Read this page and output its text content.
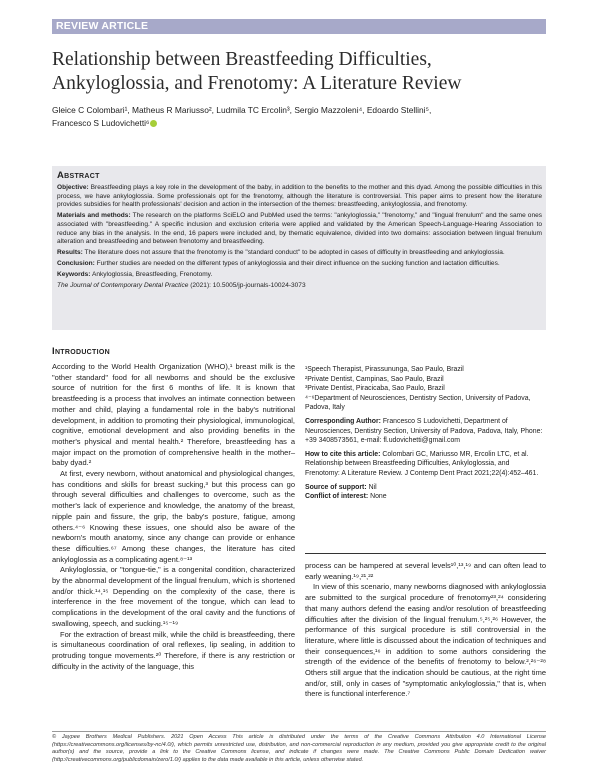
REVIEW ARTICLE
Relationship between Breastfeeding Difficulties, Ankyloglossia, and Frenotomy: A Literature Review
Gleice C Colombari¹, Matheus R Mariusso², Ludmila TC Ercolin³, Sergio Mazzoleni⁴, Edoardo Stellini⁵,
Francesco S Ludovichetti⁶
Abstract

Objective: Breastfeeding plays a key role in the development of the baby, in addition to the benefits to the mother and this dyad. Among the possible difficulties in this process, we have ankyloglossia. Some professionals opt for the frenotomy, although the literature is controversial. This paper aims to present how the literature provides subsidies for health professionals' decision and action in the intersection of the themes: breastfeeding, ankyloglossia, and frenotomy.

Materials and methods: The research on the platforms SciELO and PubMed used the terms: "ankyloglossia," "frenotomy," and "lingual frenulum" and the same ones associated with "breastfeeding." A specific inclusion and exclusion criteria were applied and validated by the American Speech-Language-Hearing Association to reduce any bias in the analysis. In the end, 16 papers were included and, by thematic equivalence, divided into two domains: association between lingual frenulum alteration and breastfeeding and between frenotomy and breastfeeding.

Results: The literature does not assure that the frenotomy is the "standard conduct" to be adopted in cases of difficulty in breastfeeding and ankyloglossia.

Conclusion: Further studies are needed on the different types of ankyloglossia and their direct influence on the sucking function and lactation difficulties.

Keywords: Ankyloglossia, Breastfeeding, Frenotomy.

The Journal of Contemporary Dental Practice (2021): 10.5005/jp-journals-10024-3073

Introduction

According to the World Health Organization (WHO),¹ breast milk is the "other standard" food for all newborns and should be the exclusive source of nutrition for the first 6 months of life. It is known that breastfeeding is a process that involves an intimate connection between mother and child, playing a fundamental role in the baby's nutritional development, in addition to promoting their physiological, immunological, cognitive, emotional development and also providing benefits in the mother's physical and mental health.² Therefore, breastfeeding has a major impact on the promotion of comprehensive health in the mother–baby dyad.²

At first, every newborn, without anatomical and physiological changes, has conditions and skills for breast sucking,³ but this process can go through several difficulties and challenges to overcome, such as the mother's lack of experience and knowledge, the anatomy of the breast, nipple pain and fissure, the grip, the baby's posture, fatigue, among others.⁴⁻⁶ Knowing these issues, one should also be aware of the newborn's mouth anatomy, since any change can provide or enhance these difficulties.⁶⁷ Among these changes, the literature has cited ankyloglossia as a complicating agent.⁸⁻¹³

Ankyloglossia, or "tongue-tie," is a congenital condition, characterized by the abnormal development of the lingual frenulum, which is shortened and/or thick.¹⁴,¹⁵ Depending on the complexity of the case, there is interference in the free movement of the tongue, which can lead to complications in the development of the oral cavity and the functions of swallowing, speech, and sucking.¹⁵⁻¹⁹

For the extraction of breast milk, while the child is breastfeeding, there is simultaneous coordination of oral reflexes, lip sealing, in addition to protruding tongue movements.²⁰ Therefore, if there is any restriction or difficulty in the activity of the language, this

¹Speech Therapist, Pirassununga, Sao Paulo, Brazil

²Private Dentist, Campinas, Sao Paulo, Brazil

³Private Dentist, Piracicaba, Sao Paulo, Brazil

⁴⁻⁶Department of Neurosciences, Dentistry Section, University of Padova, Padova, Italy

Corresponding Author: Francesco S Ludovichetti, Department of Neurosciences, Dentistry Section, University of Padova, Padova, Italy, Phone: +39 3408573561, e-mail: fl.udovichetti@gmail.com

How to cite this article: Colombari GC, Mariusso MR, Ercolin LTC, et al. Relationship between Breastfeeding Difficulties, Ankyloglossia, and Frenotomy: A Literature Review. J Contemp Dent Pract 2021;22(4):452–461.

Source of support: Nil

Conflict of interest: None

process can be hampered at several levels¹⁰,¹³,¹⁹ and can often lead to early weaning.¹⁹,²¹,²²

In view of this scenario, many newborns diagnosed with ankyloglossia are submitted to the surgical procedure of frenotomy²³,²⁴ considering that many authors defend the easing and/or resolution of breastfeeding difficulties after the division of the lingual frenulum.⁵,²⁵,²⁶ However, the performance of this surgical procedure is still controversial in the literature, where little is discussed about the indication of techniques and their consequences,¹⁶ in addition to some authors considering the strength of the evidence of the benefits of frenotomy to below.²,²⁶⁻²⁸ Others still argue that the indication should be cautious, at the right time and/or, still, only in cases of "symptomatic ankyloglossia," that is, when there is functional interference.⁷

© Jaypee Brothers Medical Publishers. 2021 Open Access This article is distributed under the terms of the Creative Commons Attribution 4.0 International License (https://creativecommons.org/licenses/by-nc/4.0/), which permits unrestricted use, distribution, and non-commercial reproduction in any medium, provided you give appropriate credit to the original author(s) and the source, provide a link to the Creative Commons license, and indicate if changes were made. The Creative Commons Public Domain Dedication waiver (http://creativecommons.org/publicdomain/zero/1.0/) applies to the data made available in this article, unless otherwise stated.
